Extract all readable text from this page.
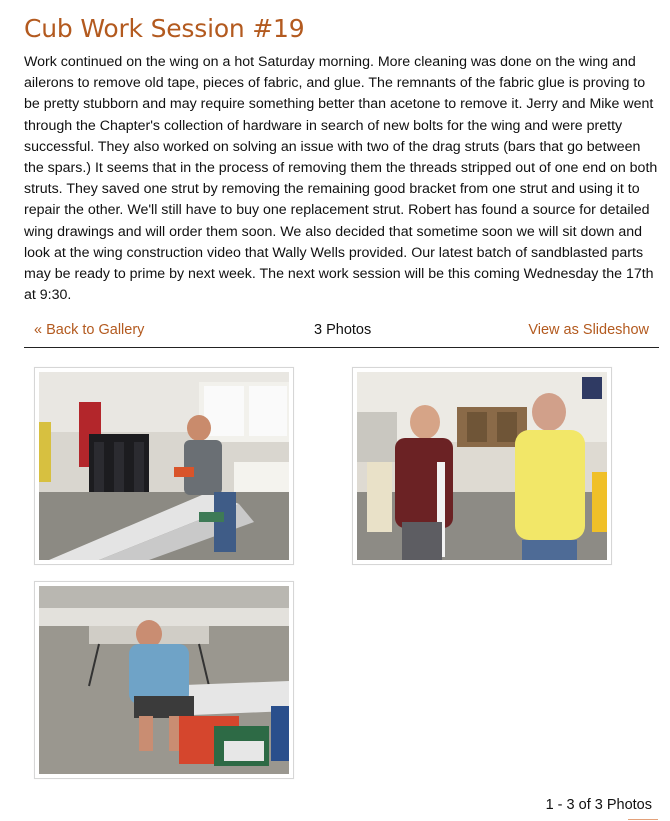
Cub Work Session #19

Work continued on the wing on a hot Saturday morning. More cleaning was done on the wing and ailerons to remove old tape, pieces of fabric, and glue. The remnants of the fabric glue is proving to be pretty stubborn and may require something better than acetone to remove it. Jerry and Mike went through the Chapter's collection of hardware in search of new bolts for the wing and were pretty successful. They also worked on solving an issue with two of the drag struts (bars that go between the spars.) It seems that in the process of removing them the threads stripped out of one end on both struts. They saved one strut by removing the remaining good bracket from one strut and using it to repair the other. We'll still have to buy one replacement strut. Robert has found a source for detailed wing drawings and will order them soon. We also decided that sometime soon we will sit down and look at the wing construction video that Wally Wells provided. Our latest batch of sandblasted parts may be ready to prime by next week. The next work session will be this coming Wednesday the 17th at 9:30.

« Back to Gallery	3 Photos	View as Slideshow
1 - 3 of 3 Photos
